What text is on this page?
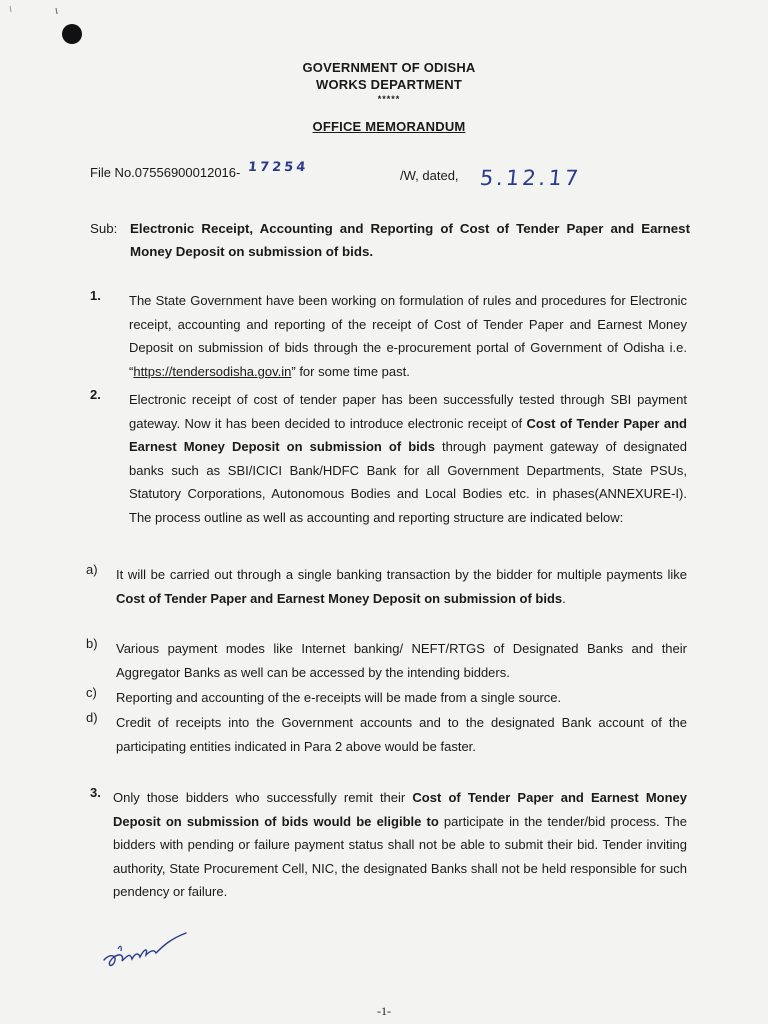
GOVERNMENT OF ODISHA
WORKS DEPARTMENT
*****
OFFICE MEMORANDUM
File No.07556900012016- 17254
/W, dated, 5.12.17
Sub: Electronic Receipt, Accounting and Reporting of Cost of Tender Paper and Earnest Money Deposit on submission of bids.
1. The State Government have been working on formulation of rules and procedures for Electronic receipt, accounting and reporting of the receipt of Cost of Tender Paper and Earnest Money Deposit on submission of bids through the e-procurement portal of Government of Odisha i.e. “https://tendersodisha.gov.in” for some time past.
2. Electronic receipt of cost of tender paper has been successfully tested through SBI payment gateway. Now it has been decided to introduce electronic receipt of Cost of Tender Paper and Earnest Money Deposit on submission of bids through payment gateway of designated banks such as SBI/ICICI Bank/HDFC Bank for all Government Departments, State PSUs, Statutory Corporations, Autonomous Bodies and Local Bodies etc. in phases(ANNEXURE-I). The process outline as well as accounting and reporting structure are indicated below:
a) It will be carried out through a single banking transaction by the bidder for multiple payments like Cost of Tender Paper and Earnest Money Deposit on submission of bids.
b) Various payment modes like Internet banking/ NEFT/RTGS of Designated Banks and their Aggregator Banks as well can be accessed by the intending bidders.
c) Reporting and accounting of the e-receipts will be made from a single source.
d) Credit of receipts into the Government accounts and to the designated Bank account of the participating entities indicated in Para 2 above would be faster.
3. Only those bidders who successfully remit their Cost of Tender Paper and Earnest Money Deposit on submission of bids would be eligible to participate in the tender/bid process. The bidders with pending or failure payment status shall not be able to submit their bid. Tender inviting authority, State Procurement Cell, NIC, the designated Banks shall not be held responsible for such pendency or failure.
-1-
